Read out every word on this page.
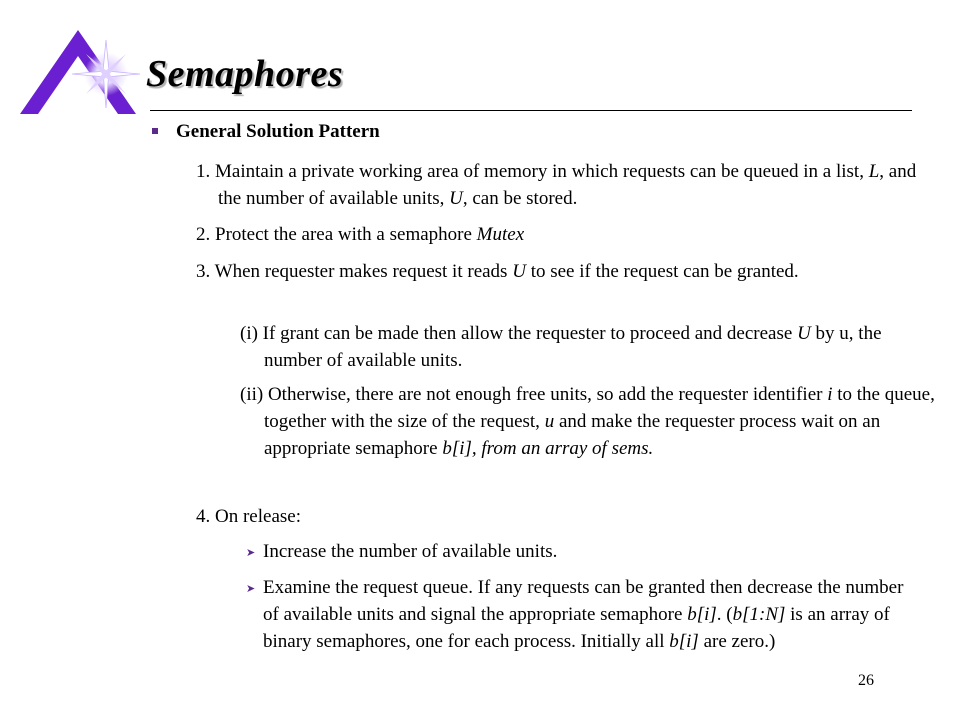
Semaphores

General Solution Pattern

1. Maintain a private working area of memory in which requests can be queued in a list, L, and the number of available units, U, can be stored.

2. Protect the area with a semaphore Mutex

3. When requester makes request it reads U to see if the request can be granted.

(i) If grant can be made then allow the requester to proceed and decrease U by u, the number of available units.

(ii) Otherwise, there are not enough free units, so add the requester identifier i to the queue, together with the size of the request, u and make the requester process wait on an appropriate semaphore b[i], from an array of sems.

4. On release:

➤ Increase the number of available units.

➤ Examine the request queue. If any requests can be granted then decrease the number of available units and signal the appropriate semaphore b[i]. (b[1:N] is an array of binary semaphores, one for each process. Initially all b[i] are zero.)

26
